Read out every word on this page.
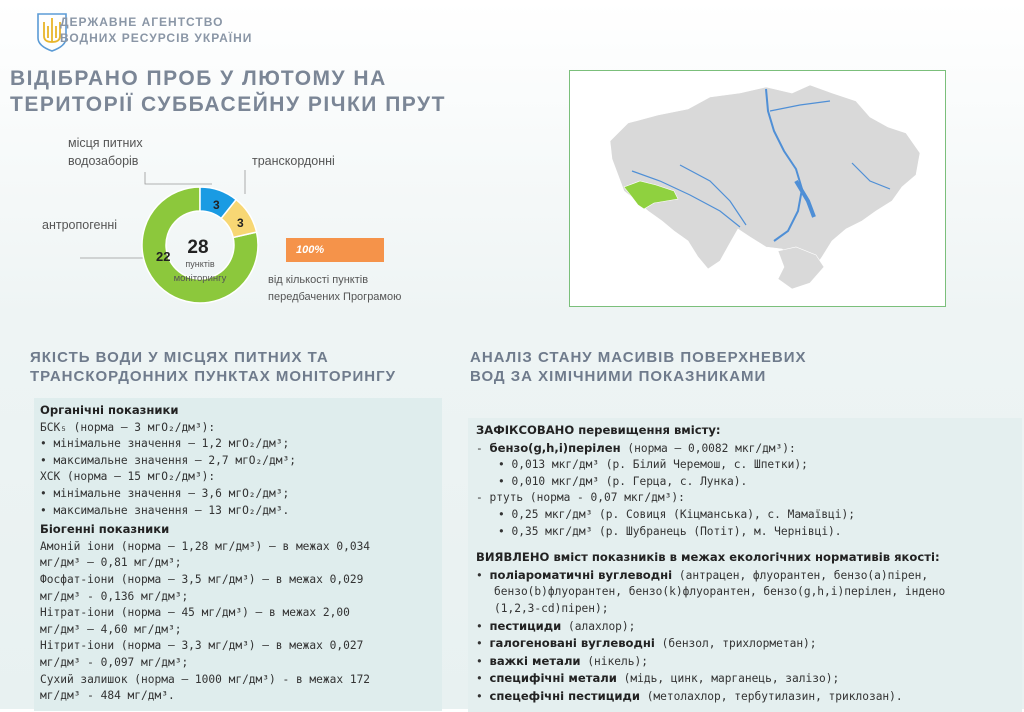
ДЕРЖАВНЕ АГЕНТСТВО
ВОДНИХ РЕСУРСІВ УКРАЇНИ
ВІДІБРАНО ПРОБ У ЛЮТОМУ НА
ТЕРИТОРІЇ СУББАСЕЙНУ РІЧКИ ПРУТ
місця питних
водозаборів	транскордонні
антропогенні
22
3
3
28
пунктів
моніторингу
100%
від кількості пунктів
передбачених Програмою
ЯКІСТЬ ВОДИ У МІСЦЯХ ПИТНИХ ТА
ТРАНСКОРДОННИХ ПУНКТАХ МОНІТОРИНГУ
АНАЛІЗ СТАНУ МАСИВІВ ПОВЕРХНЕВИХ
ВОД ЗА ХІМІЧНИМИ ПОКАЗНИКАМИ
Органічні показники
БСК₅ (норма – 3 мгО₂/дм³):
• мінімальне значення – 1,2 мгО₂/дм³;
• максимальне значення – 2,7 мгО₂/дм³;
ХСК (норма – 15 мгО₂/дм³):
• мінімальне значення – 3,6 мгО₂/дм³;
• максимальне значення – 13 мгО₂/дм³.
Біогенні показники
Амоній іони (норма – 1,28 мг/дм³) – в межах 0,034
мг/дм³ – 0,81 мг/дм³;
Фосфат-іони (норма – 3,5 мг/дм³) – в межах 0,029
мг/дм³ - 0,136 мг/дм³;
Нітрат-іони (норма – 45 мг/дм³) – в межах 2,00
мг/дм³ – 4,60 мг/дм³;
Нітрит-іони (норма – 3,3 мг/дм³) – в межах 0,027
мг/дм³ - 0,097 мг/дм³;
Сухий залишок (норма – 1000 мг/дм³) - в межах 172
мг/дм³ - 484 мг/дм³.
ЗАФІКСОВАНО перевищення вмісту:
- бензо(g,h,i)перілен (норма – 0,0082 мкг/дм³):
• 0,013 мкг/дм³ (р. Білий Черемош, с. Шпетки);
• 0,010 мкг/дм³ (р. Герца, с. Лунка).
- ртуть (норма - 0,07 мкг/дм³):
• 0,25 мкг/дм³ (р. Совиця (Кіцманська), с. Мамаївці);
• 0,35 мкг/дм³ (р. Шубранець (Потіт), м. Чернівці).
ВИЯВЛЕНО вміст показників в межах екологічних нормативів якості:
• поліароматичні вуглеводні (антрацен, флуорантен, бензо(а)пірен,
бензо(b)флуорантен, бензо(k)флуорантен, бензо(g,h,i)перілен, індено
(1,2,3-cd)пірен);
• пестициди (алахлор);
• галогеновані вуглеводні (бензол, трихлорметан);
• важкі метали (нікель);
• специфічні метали (мідь, цинк, марганець, залізо);
• спецефічні пестициди (метолахлор, тербутилазин, триклозан).
